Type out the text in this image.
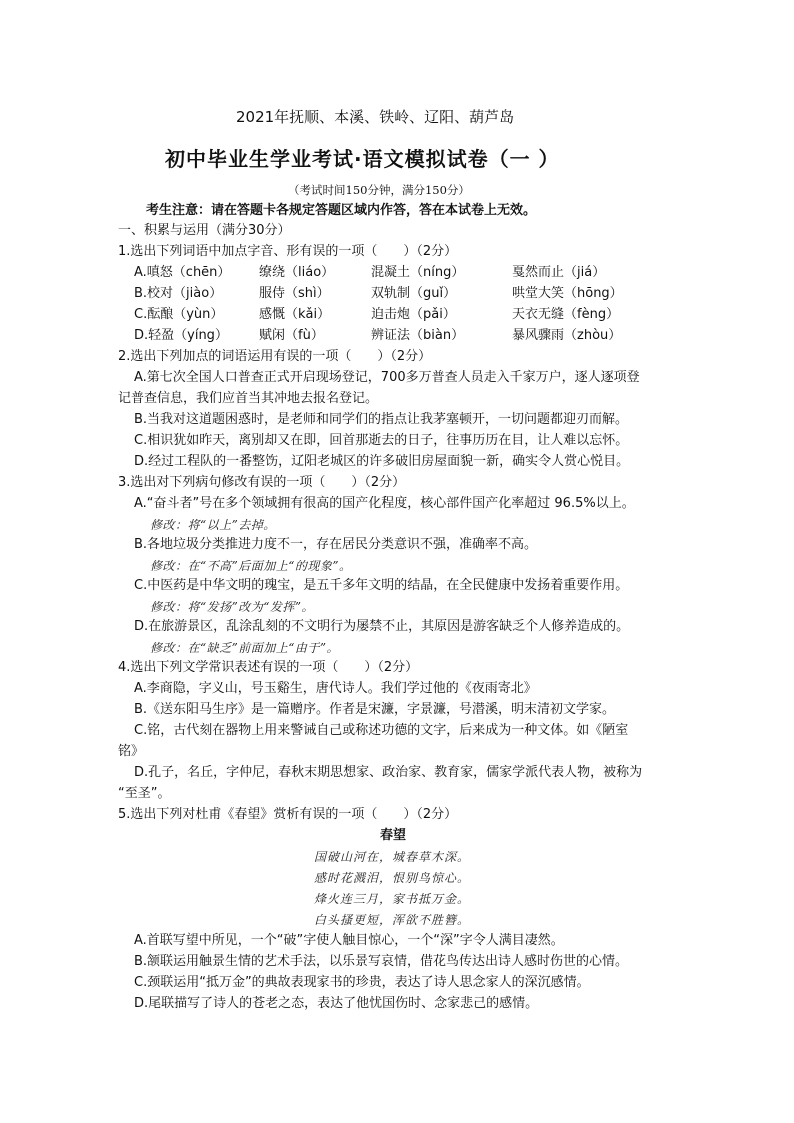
2021年抚顺、本溪、铁岭、辽阳、葫芦岛
初中毕业生学业考试·语文模拟试卷（一 ）
（考试时间150分钟，满分150分）
考生注意：请在答题卡各规定答题区域内作答，答在本试卷上无效。
一、积累与运用（满分30分）
1.选出下列词语中加点字音、形有误的一项（　　）（2分）
A.嗔怒（chēn） 缭绕（liáo）	混凝土（níng）	戛然而止（jiá）
B.校对（jiào）	服侍（shì）	双轨制（guǐ）	哄堂大笑（hōng）
C.酝酿（yùn）	感慨（kǎi）	迫击炮（pǎi）	天衣无缝（fèng）
D.轻盈（yíng） 赋闲（fù）	辨证法（biàn）	暴风骤雨（zhòu）
2.选出下列加点的词语运用有误的一项（　　）（2分）
A.第七次全国人口普查正式开启现场登记，700多万普查人员走入千家万户，逐人逐项登
记普查信息，我们应首当其冲地去报名登记。
B.当我对这道题困惑时，是老师和同学们的指点让我茅塞顿开，一切问题都迎刃而解。
C.相识犹如昨天，离别却又在即，回首那逝去的日子，往事历历在目，让人难以忘怀。
D.经过工程队的一番整饬，辽阳老城区的许多破旧房屋面貌一新，确实令人赏心悦目。
3.选出对下列病句修改有误的一项（　　）（2分）
A.“奋斗者”号在多个领域拥有很高的国产化程度，核心部件国产化率超过 96.5%以上。
修改：将“以上”去掉。
B.各地垃圾分类推进力度不一，存在居民分类意识不强，准确率不高。
修改：在“不高”后面加上“的现象”。
C.中医药是中华文明的瑰宝，是五千多年文明的结晶，在全民健康中发扬着重要作用。
修改：将“发扬”改为“发挥”。
D.在旅游景区，乱涂乱刻的不文明行为屡禁不止，其原因是游客缺乏个人修养造成的。
修改：在“缺乏”前面加上“由于”。
4.选出下列文学常识表述有误的一项（　　）（2分）
A.李商隐，字义山，号玉谿生，唐代诗人。我们学过他的《夜雨寄北》
B.《送东阳马生序》是一篇赠序。作者是宋濂，字景濂，号潜溪，明末清初文学家。
C.铭，古代刻在器物上用来警诫自己或称述功德的文字，后来成为一种文体。如《陋室
铭》
D.孔子，名丘，字仲尼，春秋末期思想家、政治家、教育家，儒家学派代表人物，被称为
“至圣”。
5.选出下列对杜甫《春望》赏析有误的一项（　　）（2分）
春望
国破山河在，城春草木深。
感时花溅泪，恨别鸟惊心。
烽火连三月，家书抵万金。
白头搔更短，浑欲不胜簪。
A.首联写望中所见，一个“破”字使人触目惊心，一个“深”字令人满目凄然。
B.颔联运用触景生情的艺术手法，以乐景写哀情，借花鸟传达出诗人感时伤世的心情。
C.颈联运用“抵万金”的典故表现家书的珍贵，表达了诗人思念家人的深沉感情。
D.尾联描写了诗人的苍老之态，表达了他忧国伤时、念家悲己的感情。
